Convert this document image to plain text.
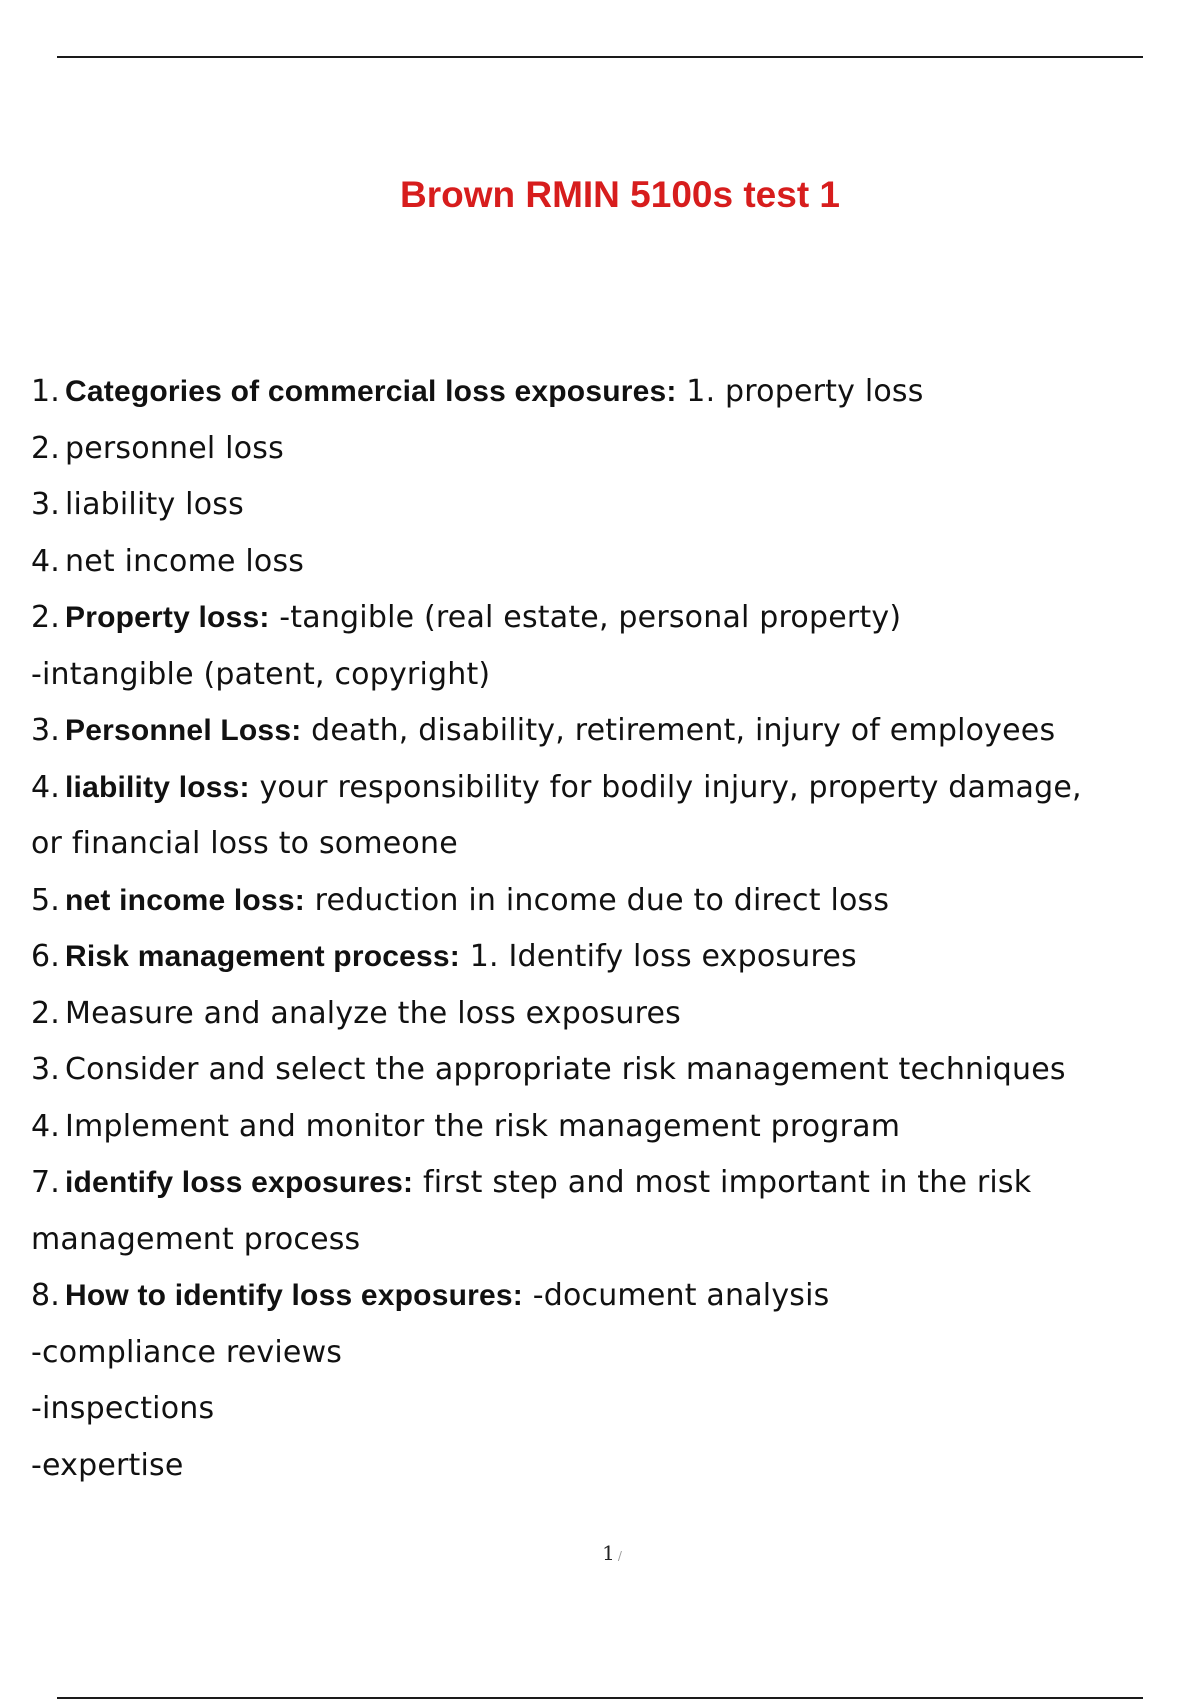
Brown RMIN 5100s test 1
1. Categories of commercial loss exposures: 1. property loss
2. personnel loss
3. liability loss
4. net income loss
2. Property loss: -tangible (real estate, personal property)
-intangible (patent, copyright)
3. Personnel Loss: death, disability, retirement, injury of employees
4. liability loss: your responsibility for bodily injury, property damage,
or financial loss to someone
5. net income loss: reduction in income due to direct loss
6. Risk management process: 1. Identify loss exposures
2. Measure and analyze the loss exposures
3. Consider and select the appropriate risk management techniques
4. Implement and monitor the risk management program
7. identify loss exposures: first step and most important in the risk
management process
8. How to identify loss exposures: -document analysis
-compliance reviews
-inspections
-expertise
1 /
